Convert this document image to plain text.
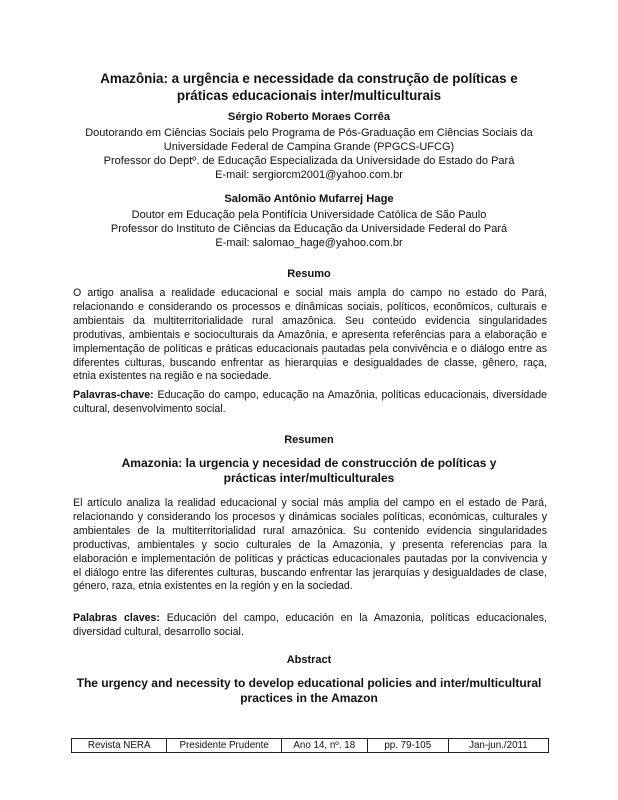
Amazônia: a urgência e necessidade da construção de políticas e
práticas educacionais inter/multiculturais
Sérgio Roberto Moraes Corrêa
Doutorando em Ciências Sociais pelo Programa de Pós-Graduação em Ciências Sociais da
Universidade Federal de Campina Grande (PPGCS-UFCG)
Professor do Deptº. de Educação Especializada da Universidade do Estado do Pará
E-mail: sergiorcm2001@yahoo.com.br
Salomão Antônio Mufarrej Hage
Doutor em Educação pela Pontifícia Universidade Católica de São Paulo
Professor do Instituto de Ciências da Educação da Universidade Federal do Pará
E-mail: salomao_hage@yahoo.com.br
Resumo
O artigo analisa a realidade educacional e social mais ampla do campo no estado do Pará, relacionando e considerando os processos e dinâmicas sociais, políticos, econômicos, culturais e ambientais da multiterritorialidade rural amazônica. Seu conteúdo evidencia singularidades produtivas, ambientais e socioculturais da Amazônia, e apresenta referências para a elaboração e implementação de políticas e práticas educacionais pautadas pela convivência e o diálogo entre as diferentes culturas, buscando enfrentar as hierarquias e desigualdades de classe, gênero, raça, etnia existentes na região e na sociedade.
Palavras-chave: Educação do campo, educação na Amazônia, políticas educacionais, diversidade cultural, desenvolvimento social.
Resumen
Amazonia: la urgencia y necesidad de construcción de políticas y
prácticas inter/multiculturales
El artículo analiza la realidad educacional y social más amplia del campo en el estado de Pará, relacionando y considerando los procesos y dinámicas sociales políticas, económicas, culturales y ambientales de la multiterritorialidad rural amazónica. Su contenido evidencia singularidades productivas, ambientales y socio culturales de la Amazonia, y presenta referencias para la elaboración e implementación de políticas y prácticas educacionales pautadas por la convivencia y el diálogo entre las diferentes culturas, buscando enfrentar las jerarquías y desigualdades de clase, género, raza, etnia existentes en la región y en la sociedad.
Palabras claves: Educación del campo, educación en la Amazonia, políticas educacionales, diversidad cultural, desarrollo social.
Abstract
The urgency and necessity to develop educational policies and inter/multicultural
practices in the Amazon
Revista NERA	Presidente Prudente	Ano 14, nº. 18	pp. 79-105	Jan-jun./2011
